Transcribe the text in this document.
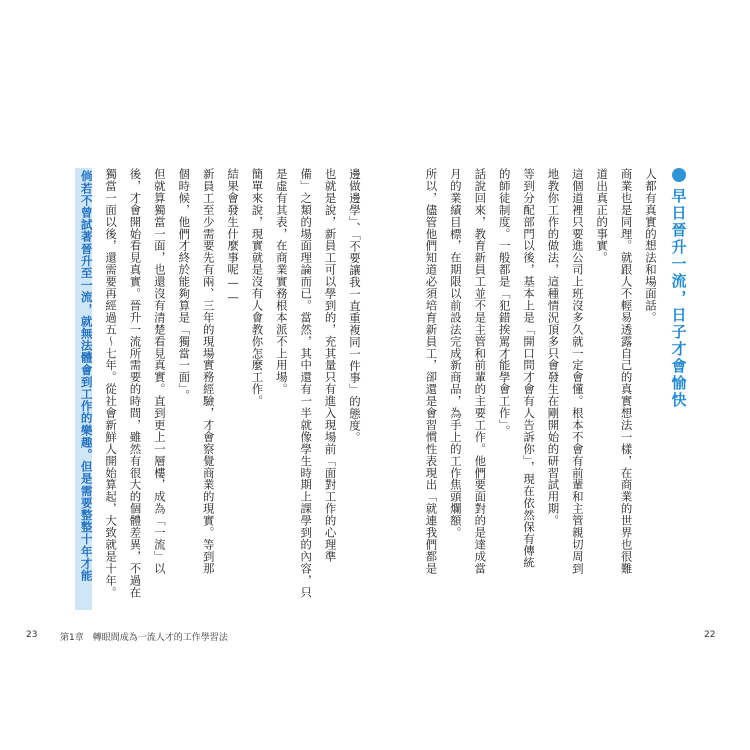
早日晉升一流，日子才會愉快
人都有真實的想法和場面話。
商業也是同理。就跟人不輕易透露自己的真實想法一樣，在商業的世界也很難
道出真正的事實。
這個道裡只要進公司上班沒多久就一定會懂。根本不會有前輩和主管親切周到
地教你工作的做法，這種情況頂多只會發生在剛開始的研習試用期。
等到分配部門以後，基本上是「開口問才會有人告訴你」，現在依然保有傳統
的師徒制度。一般都是「犯錯挨罵才能學會工作」。
話說回來，教育新員工並不是主管和前輩的主要工作。他們要面對的是達成當
月的業績目標，在期限以前設法完成新商品，為手上的工作焦頭爛額。
所以，儘管他們知道必須培育新員工，卻還是會習慣性表現出「就連我們都是
邊做邊學」、「不要讓我一直重複同一件事」的態度。
也就是說，新員工可以學到的，充其量只有進入現場前「面對工作的心理準
備」之類的場面理論而已。當然，其中還有一半就像學生時期上課學到的內容，只
是虛有其表，在商業實務根本派不上用場。
簡單來說，現實就是沒有人會教你怎麼工作。
結果會發生什麼事呢——
新員工至少需要先有兩、三年的現場實務經驗，才會察覺商業的現實。等到那
個時候，他們才終於能夠算是「獨當一面」。
但就算獨當一面，也還沒有清楚看見真實。直到更上一層樓，成為「一流」以
後，才會開始看見真實。晉升一流所需要的時間，雖然有很大的個體差異，不過在
獨當一面以後，還需要再經過五～七年。從社會新鮮人開始算起，大致就是十年。
倘若不曾試著晉升至一流，就無法體會到工作的樂趣。但是需要整整十年才能
23	第1章　轉眼間成為一流人才的工作學習法	22
